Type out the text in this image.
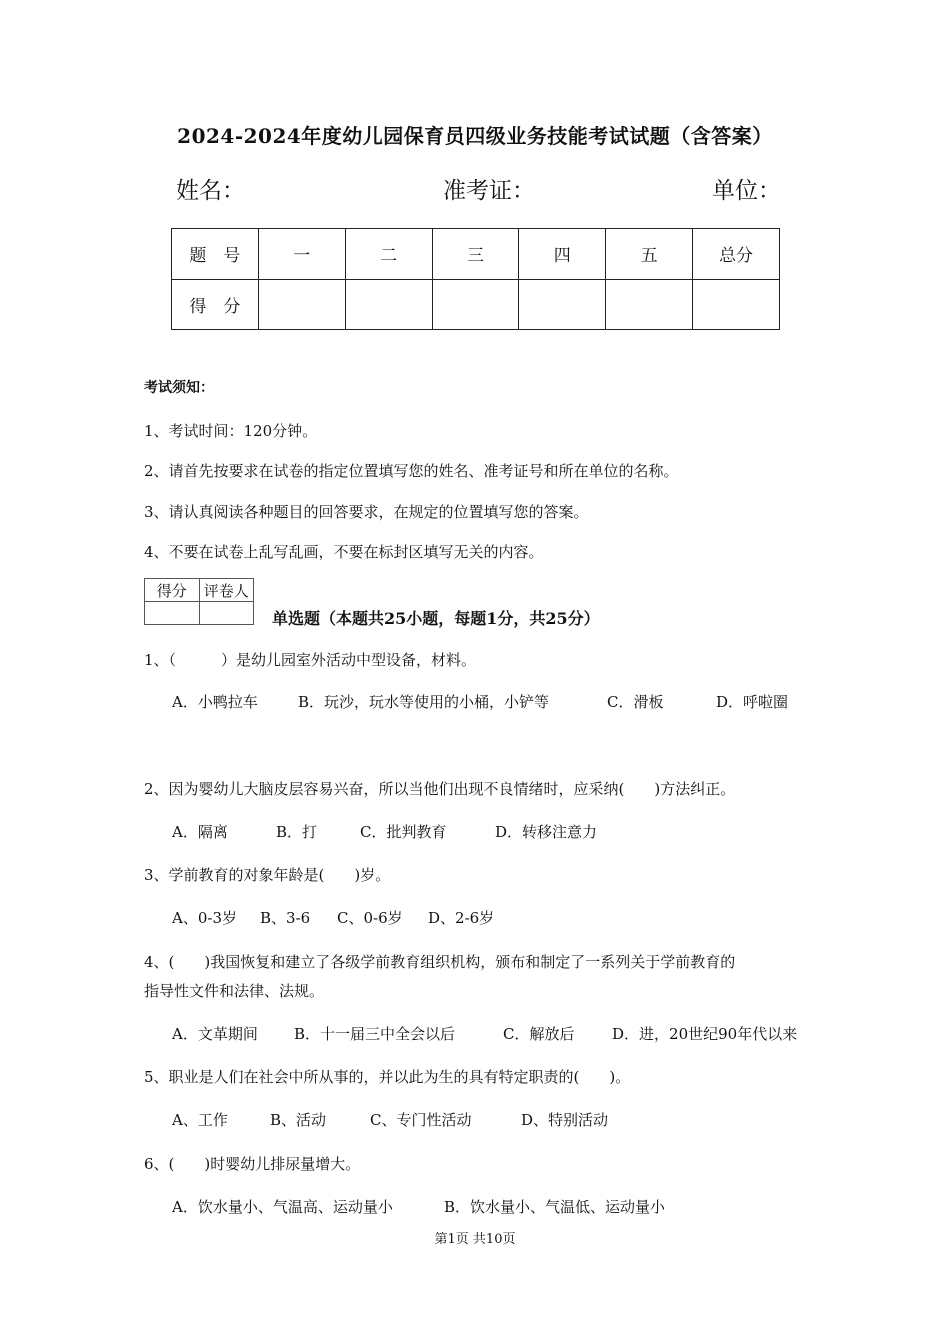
2024-2024年度幼儿园保育员四级业务技能考试试题（含答案）
姓名：	准考证：	单位：
题　号	一	二	三	四	五	总分
得　分						
考试须知：
1、考试时间：120分钟。
2、请首先按要求在试卷的指定位置填写您的姓名、准考证号和所在单位的名称。
3、请认真阅读各种题目的回答要求，在规定的位置填写您的答案。
4、不要在试卷上乱写乱画，不要在标封区填写无关的内容。
得分	评卷人

单选题（本题共25小题，每题1分，共25分）
1、（　　　）是幼儿园室外活动中型设备，材料。
A．小鸭拉车	B．玩沙，玩水等使用的小桶，小铲等	C．滑板	D．呼啦圈
2、因为婴幼儿大脑皮层容易兴奋，所以当他们出现不良情绪时，应采纳(　　)方法纠正。
A．隔离	B．打	C．批判教育	D．转移注意力
3、学前教育的对象年龄是(　　)岁。
A、0-3岁 B、3-6 C、0-6岁 D、2-6岁
4、(　　)我国恢复和建立了各级学前教育组织机构，颁布和制定了一系列关于学前教育的
指导性文件和法律、法规。
A．文革期间 B．十一届三中全会以后	C．解放后	D．进，20世纪90年代以来
5、职业是人们在社会中所从事的，并以此为生的具有特定职责的(　　)。
A、工作	B、活动	C、专门性活动	D、特别活动
6、(　　)时婴幼儿排尿量增大。
A．饮水量小、气温高、运动量小	B．饮水量小、气温低、运动量小
第1页 共10页
